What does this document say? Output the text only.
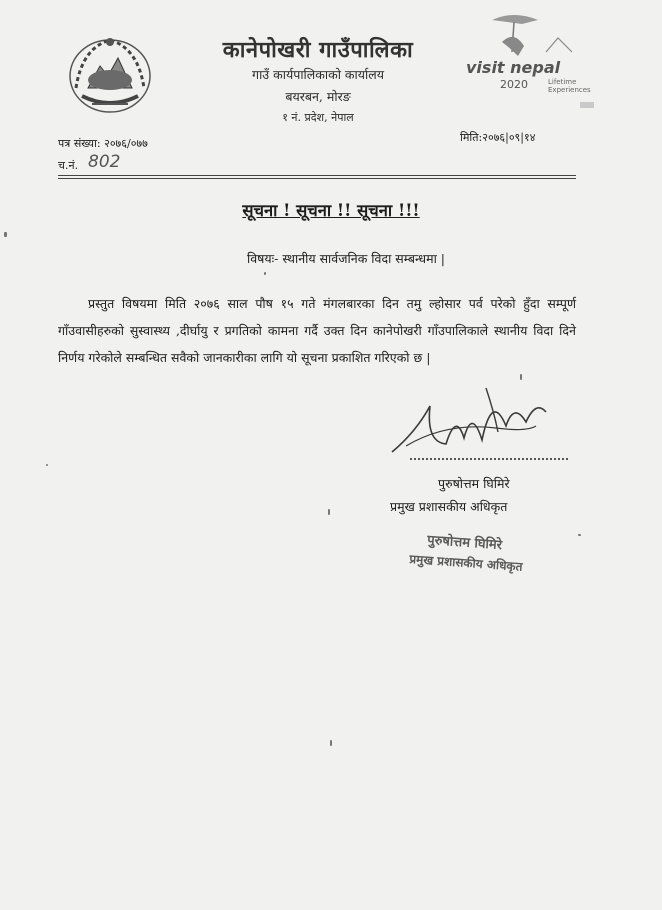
कानेपोखरी गाउँपालिका
गाउँ कार्यपालिकाको कार्यालय
बयरबन, मोरङ
१ नं. प्रदेश, नेपाल
visit nepal
2020	Lifetime Experiences
पत्र संख्या: २०७६/०७७	मिति:२०७६|०९|१४
च.नं. 802
सूचना ! सूचना !! सूचना !!!
विषयः- स्थानीय सार्वजनिक विदा सम्बन्धमा |
प्रस्तुत विषयमा मिति २०७६ साल पौष १५ गते मंगलबारका दिन तमु ल्होसार पर्व परेको हुँदा सम्पूर्ण गाँउवासीहरुको सुस्वास्थ्य ,दीर्घायु र प्रगतिको कामना गर्दै उक्त दिन कानेपोखरी गाँउपालिकाले स्थानीय विदा दिने निर्णय गरेकोले सम्बन्धित सवैको जानकारीका लागि यो सूचना प्रकाशित गरिएको छ |
पुरुषोत्तम घिमिरे
प्रमुख प्रशासकीय अधिकृत
पुरुषोत्तम घिमिरे
प्रमुख प्रशासकीय अधिकृत
